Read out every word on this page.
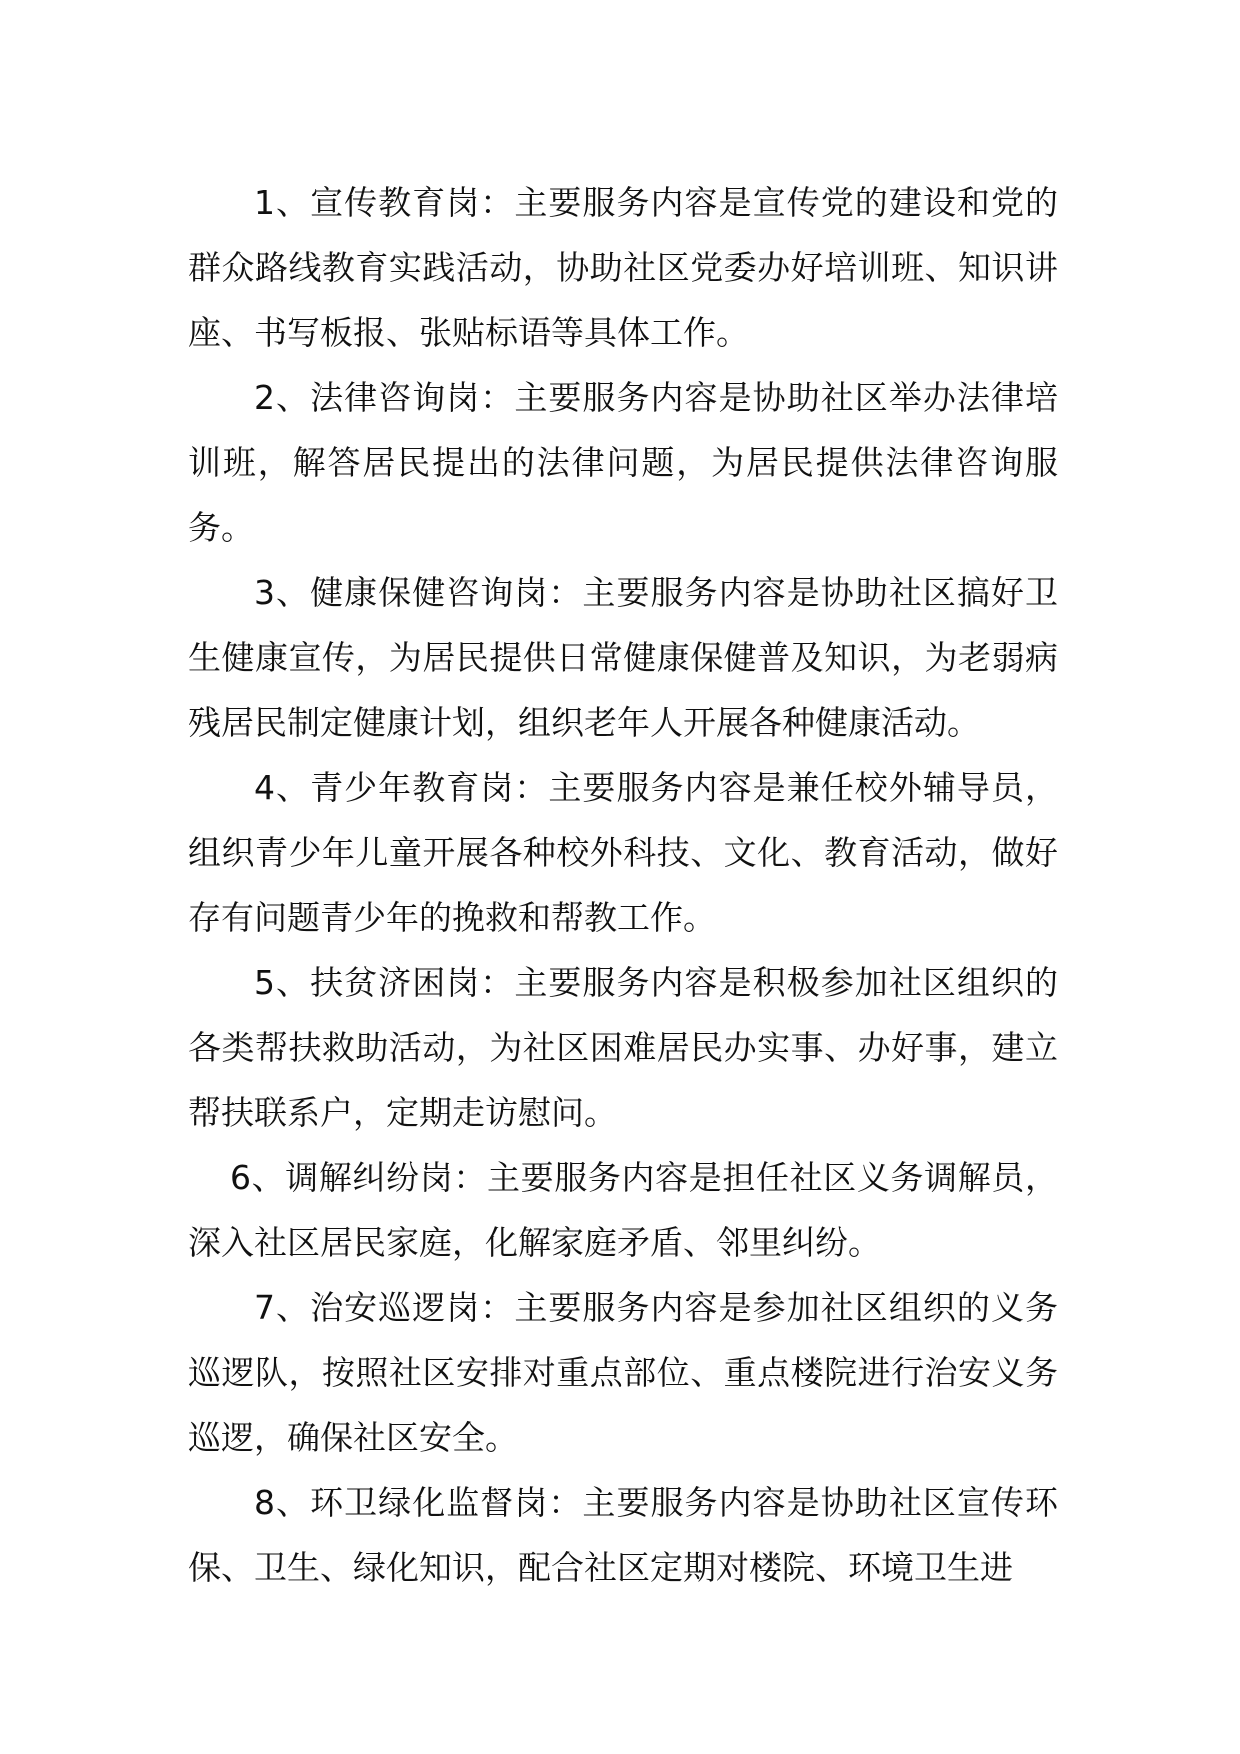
1、宣传教育岗：主要服务内容是宣传党的建设和党的群众路线教育实践活动，协助社区党委办好培训班、知识讲座、书写板报、张贴标语等具体工作。

2、法律咨询岗：主要服务内容是协助社区举办法律培训班，解答居民提出的法律问题，为居民提供法律咨询服务。

3、健康保健咨询岗：主要服务内容是协助社区搞好卫生健康宣传，为居民提供日常健康保健普及知识，为老弱病残居民制定健康计划，组织老年人开展各种健康活动。

4、青少年教育岗：主要服务内容是兼任校外辅导员，组织青少年儿童开展各种校外科技、文化、教育活动，做好存有问题青少年的挽救和帮教工作。

5、扶贫济困岗：主要服务内容是积极参加社区组织的各类帮扶救助活动，为社区困难居民办实事、办好事，建立帮扶联系户，定期走访慰问。

6、调解纠纷岗：主要服务内容是担任社区义务调解员，深入社区居民家庭，化解家庭矛盾、邻里纠纷。

7、治安巡逻岗：主要服务内容是参加社区组织的义务巡逻队，按照社区安排对重点部位、重点楼院进行治安义务巡逻，确保社区安全。

8、环卫绿化监督岗：主要服务内容是协助社区宣传环保、卫生、绿化知识，配合社区定期对楼院、环境卫生进
